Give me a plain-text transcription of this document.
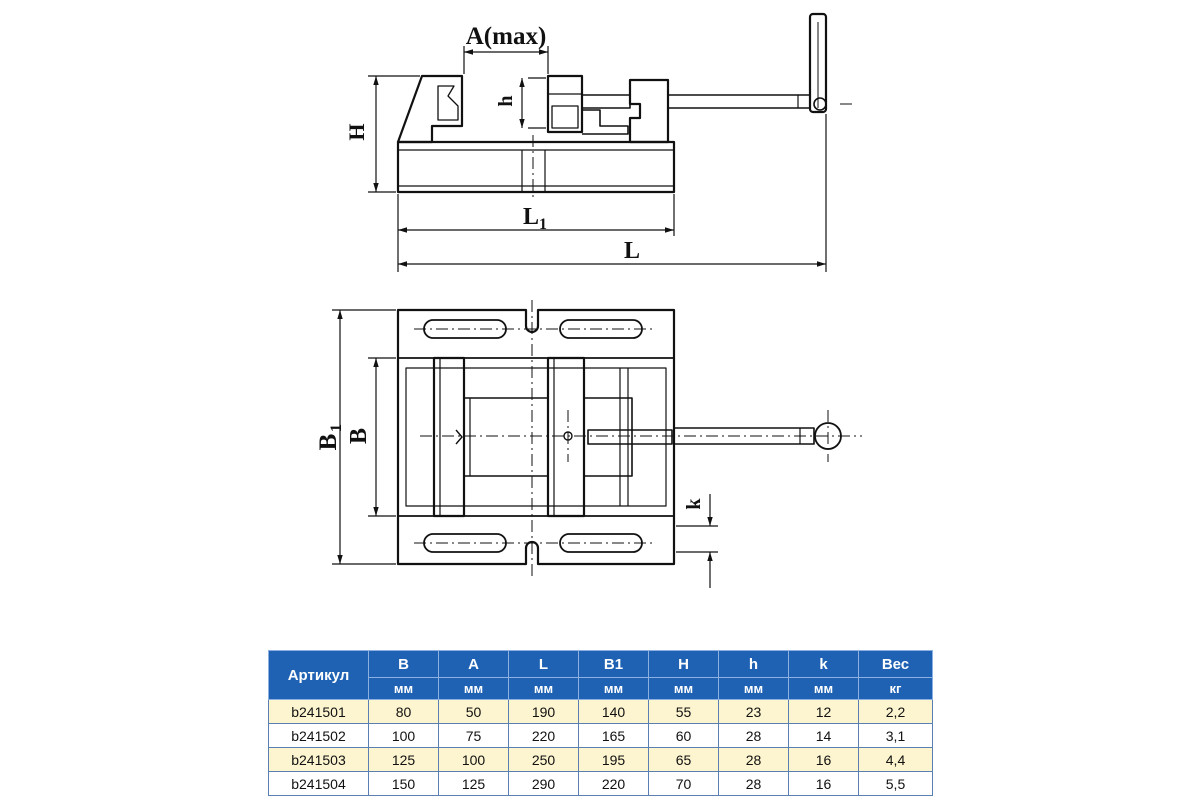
A(max)
h
H
L 1
L
B
1 B
k
Артикул	B	A	L	B1	H	h	k	Вес
	мм	мм	мм	мм	мм	мм	мм	кг
b241501	80	50	190	140	55	23	12	2,2
b241502	100	75	220	165	60	28	14	3,1
b241503	125	100	250	195	65	28	16	4,4
b241504	150	125	290	220	70	28	16	5,5
